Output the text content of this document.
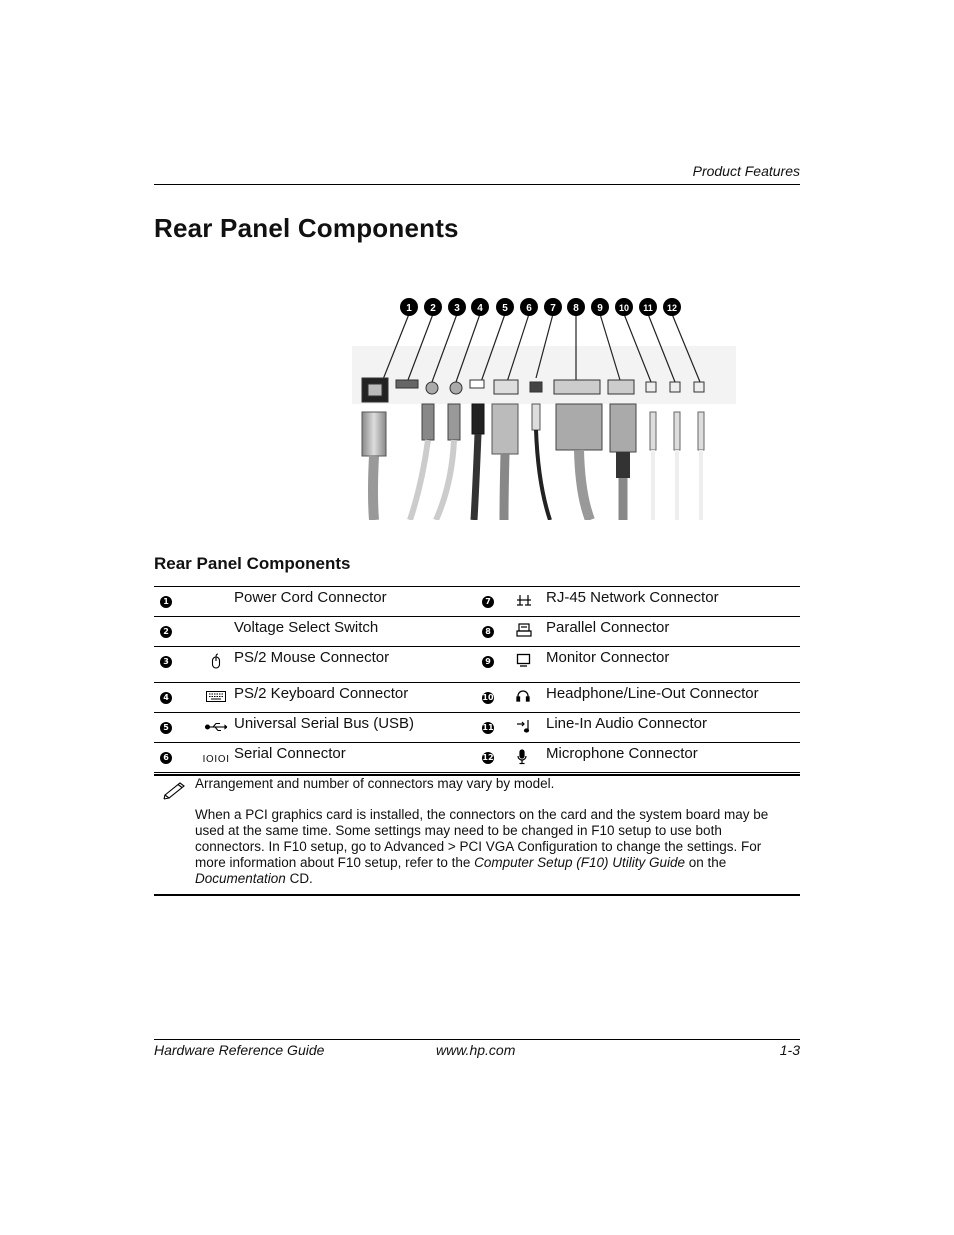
Product Features
Rear Panel Components
1 2 3 4 5 6 7 8 9 10 11 12
Rear Panel Components
1		Power Cord Connector	7		RJ-45 Network Connector
2		Voltage Select Switch	8		Parallel Connector
3		PS/2 Mouse Connector	9		Monitor Connector
4		PS/2 Keyboard Connector	10		Headphone/Line-Out Connector
5		Universal Serial Bus (USB)	11		Line-In Audio Connector
6	IOIOI	Serial Connector	12		Microphone Connector

Arrangement and number of connectors may vary by model.

When a PCI graphics card is installed, the connectors on the card and the system board may be used at the same time. Some settings may need to be changed in F10 setup to use both connectors. In F10 setup, go to Advanced > PCI VGA Configuration to change the settings. For more information about F10 setup, refer to the Computer Setup (F10) Utility Guide on the Documentation CD.

Hardware Reference Guide	www.hp.com	1-3
